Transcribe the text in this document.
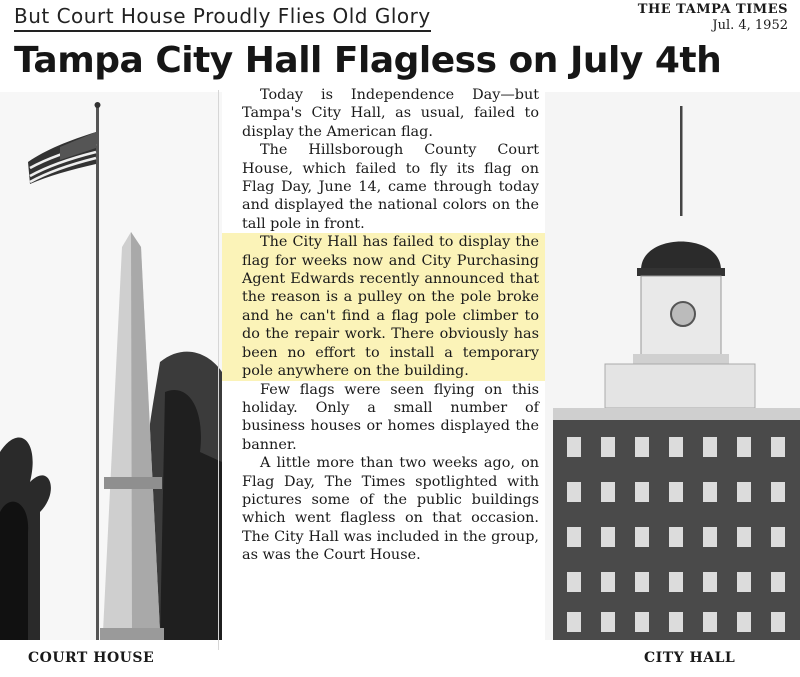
But Court House Proudly Flies Old Glory	THE TAMPA TIMES
Jul. 4, 1952
Tampa City Hall Flagless on July 4th

Today is Independence Day—but Tampa's City Hall, as usual, failed to display the American flag.

The Hillsborough County Court House, which failed to fly its flag on Flag Day, June 14, came through today and displayed the national colors on the tall pole in front.

The City Hall has failed to display the flag for weeks now and City Purchasing Agent Edwards recently announced that the reason is a pulley on the pole broke and he can't find a flag pole climber to do the repair work. There obviously has been no effort to install a temporary pole anywhere on the building.

Few flags were seen flying on this holiday. Only a small number of business houses or homes displayed the banner.

A little more than two weeks ago, on Flag Day, The Times spotlighted with pictures some of the public buildings which went flagless on that occasion. The City Hall was included in the group, as was the Court House.

COURT HOUSE	CITY HALL
